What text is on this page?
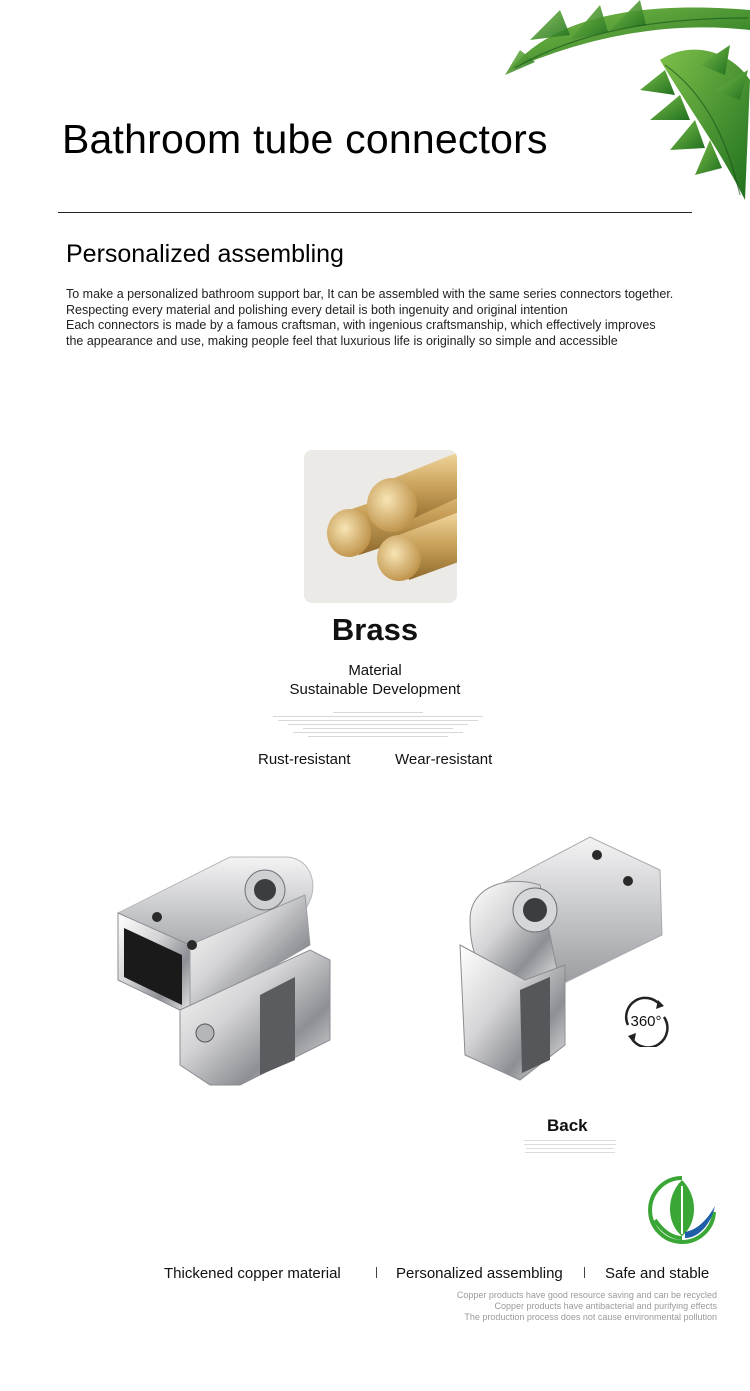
Bathroom tube connectors
Personalized assembling
To make a personalized bathroom support bar, It can be assembled with the same series connectors together.
Respecting every material and polishing every detail is both ingenuity and original intention
Each connectors is made by a famous craftsman, with ingenious craftsmanship, which effectively improves
the appearance and use, making people feel that luxurious life is originally so simple and accessible
Brass
Material
Sustainable Development
Rust-resistant	Wear-resistant
360°
Back
Thickened copper material	Personalized assembling	Safe and stable
Copper products have good resource saving and can be recycled
Copper products have antibacterial and purifying effects
The production process does not cause environmental pollution
